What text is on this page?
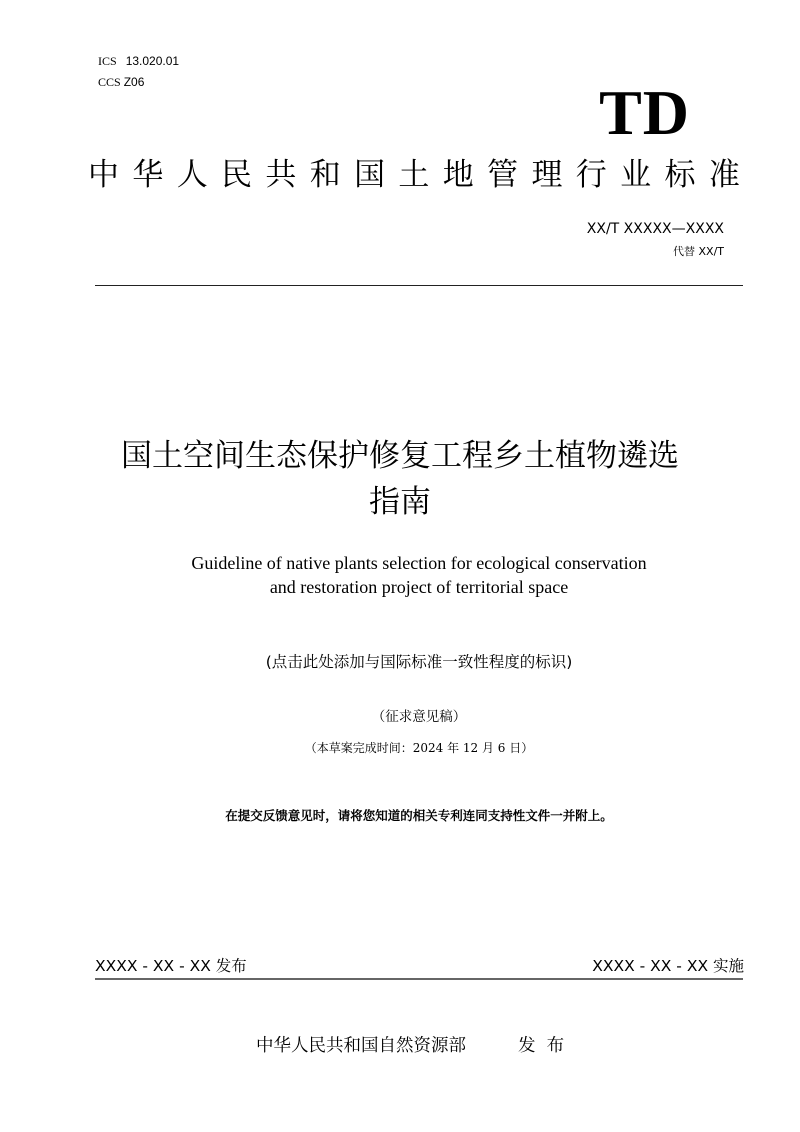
ICS 13.020.01

CCS Z06	TD
中 华 人 民 共 和 国 土 地 管 理 行 业 标 准
XX/T XXXXX—XXXX
代替 XX/T
国土空间生态保护修复工程乡土植物遴选
指南
Guideline of native plants selection for ecological conservation
and restoration project of territorial space
(点击此处添加与国际标准一致性程度的标识)
（征求意见稿）
（本草案完成时间：2024 年 12 月 6 日）
在提交反馈意见时，请将您知道的相关专利连同支持性文件一并附上。
XXXX - XX - XX 发布	XXXX - XX - XX 实施
中华人民共和国自然资源部	发  布
